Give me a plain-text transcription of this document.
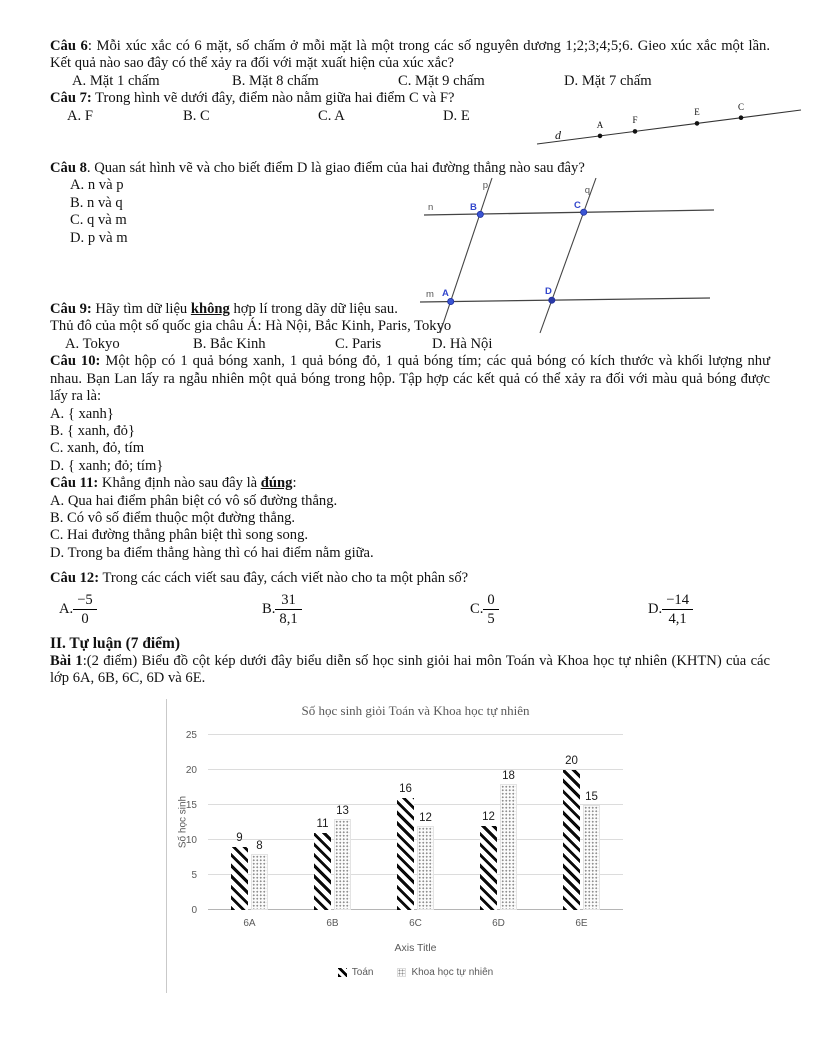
Câu 6: Mỗi xúc xắc có 6 mặt, số chấm ở mỗi mặt là một trong các số nguyên dương 1;2;3;4;5;6. Gieo xúc xắc một lần. Kết quả nào sao đây có thể xảy ra đối với mặt xuất hiện của xúc xắc?

A. Mặt 1 chấm	B. Mặt 8 chấm	C. Mặt 9 chấm	D. Mặt 7 chấm

Câu 7: Trong hình vẽ dưới đây, điểm nào nằm giữa hai điểm C và F?

A. F	B. C	C. A	D. E

Câu 8. Quan sát hình vẽ và cho biết điểm D là giao điểm của hai đường thẳng nào sau đây?

A. n và p
B. n và q
C. q và m
D. p và m

Câu 9: Hãy tìm dữ liệu không hợp lí trong dãy dữ liệu sau.

Thủ đô của một số quốc gia châu Á: Hà Nội, Bắc Kinh, Paris, Tokyo

A. Tokyo	B. Bắc Kinh	C. Paris	D. Hà Nội

Câu 10: Một hộp có 1 quả bóng xanh, 1 quả bóng đỏ, 1 quả bóng tím; các quả bóng có kích thước và khối lượng như nhau. Bạn Lan lấy ra ngẫu nhiên một quả bóng trong hộp. Tập hợp các kết quả có thể xảy ra đối với màu quả bóng được lấy ra là:

A. { xanh}
B. { xanh, đỏ}
C. xanh, đỏ, tím
D. { xanh; đỏ; tím}

Câu 11: Khẳng định nào sau đây là đúng:

A. Qua hai điểm phân biệt có vô số đường thẳng.
B. Có vô số điểm thuộc một đường thẳng.
C. Hai đường thẳng phân biệt thì song song.
D. Trong ba điểm thẳng hàng thì có hai điểm nằm giữa.

Câu 12: Trong các cách viết sau đây, cách viết nào cho ta một phân số?

A. $\frac{-5}{0}$	B. $\frac{31}{8,1}$	C. $\frac{0}{5}$	D. $\frac{-14}{4,1}$
II. Tự luận (7 điểm)

Bài 1:(2 điểm) Biểu đồ cột kép dưới đây biểu diễn số học sinh giỏi hai môn Toán và Khoa học tự nhiên (KHTN) của các lớp 6A, 6B, 6C, 6D và 6E.

A	F
E	C
d
p	q
n
m
B	C
A	D
Số học sinh giỏi Toán và Khoa học tự nhiên
Số học sinh
0
5
10
15
20
25
9
8
11
13
16
12	12
18
20
15
6A	6B	6C	6D	6E
Axis Title
Toán	Khoa học tự nhiên
